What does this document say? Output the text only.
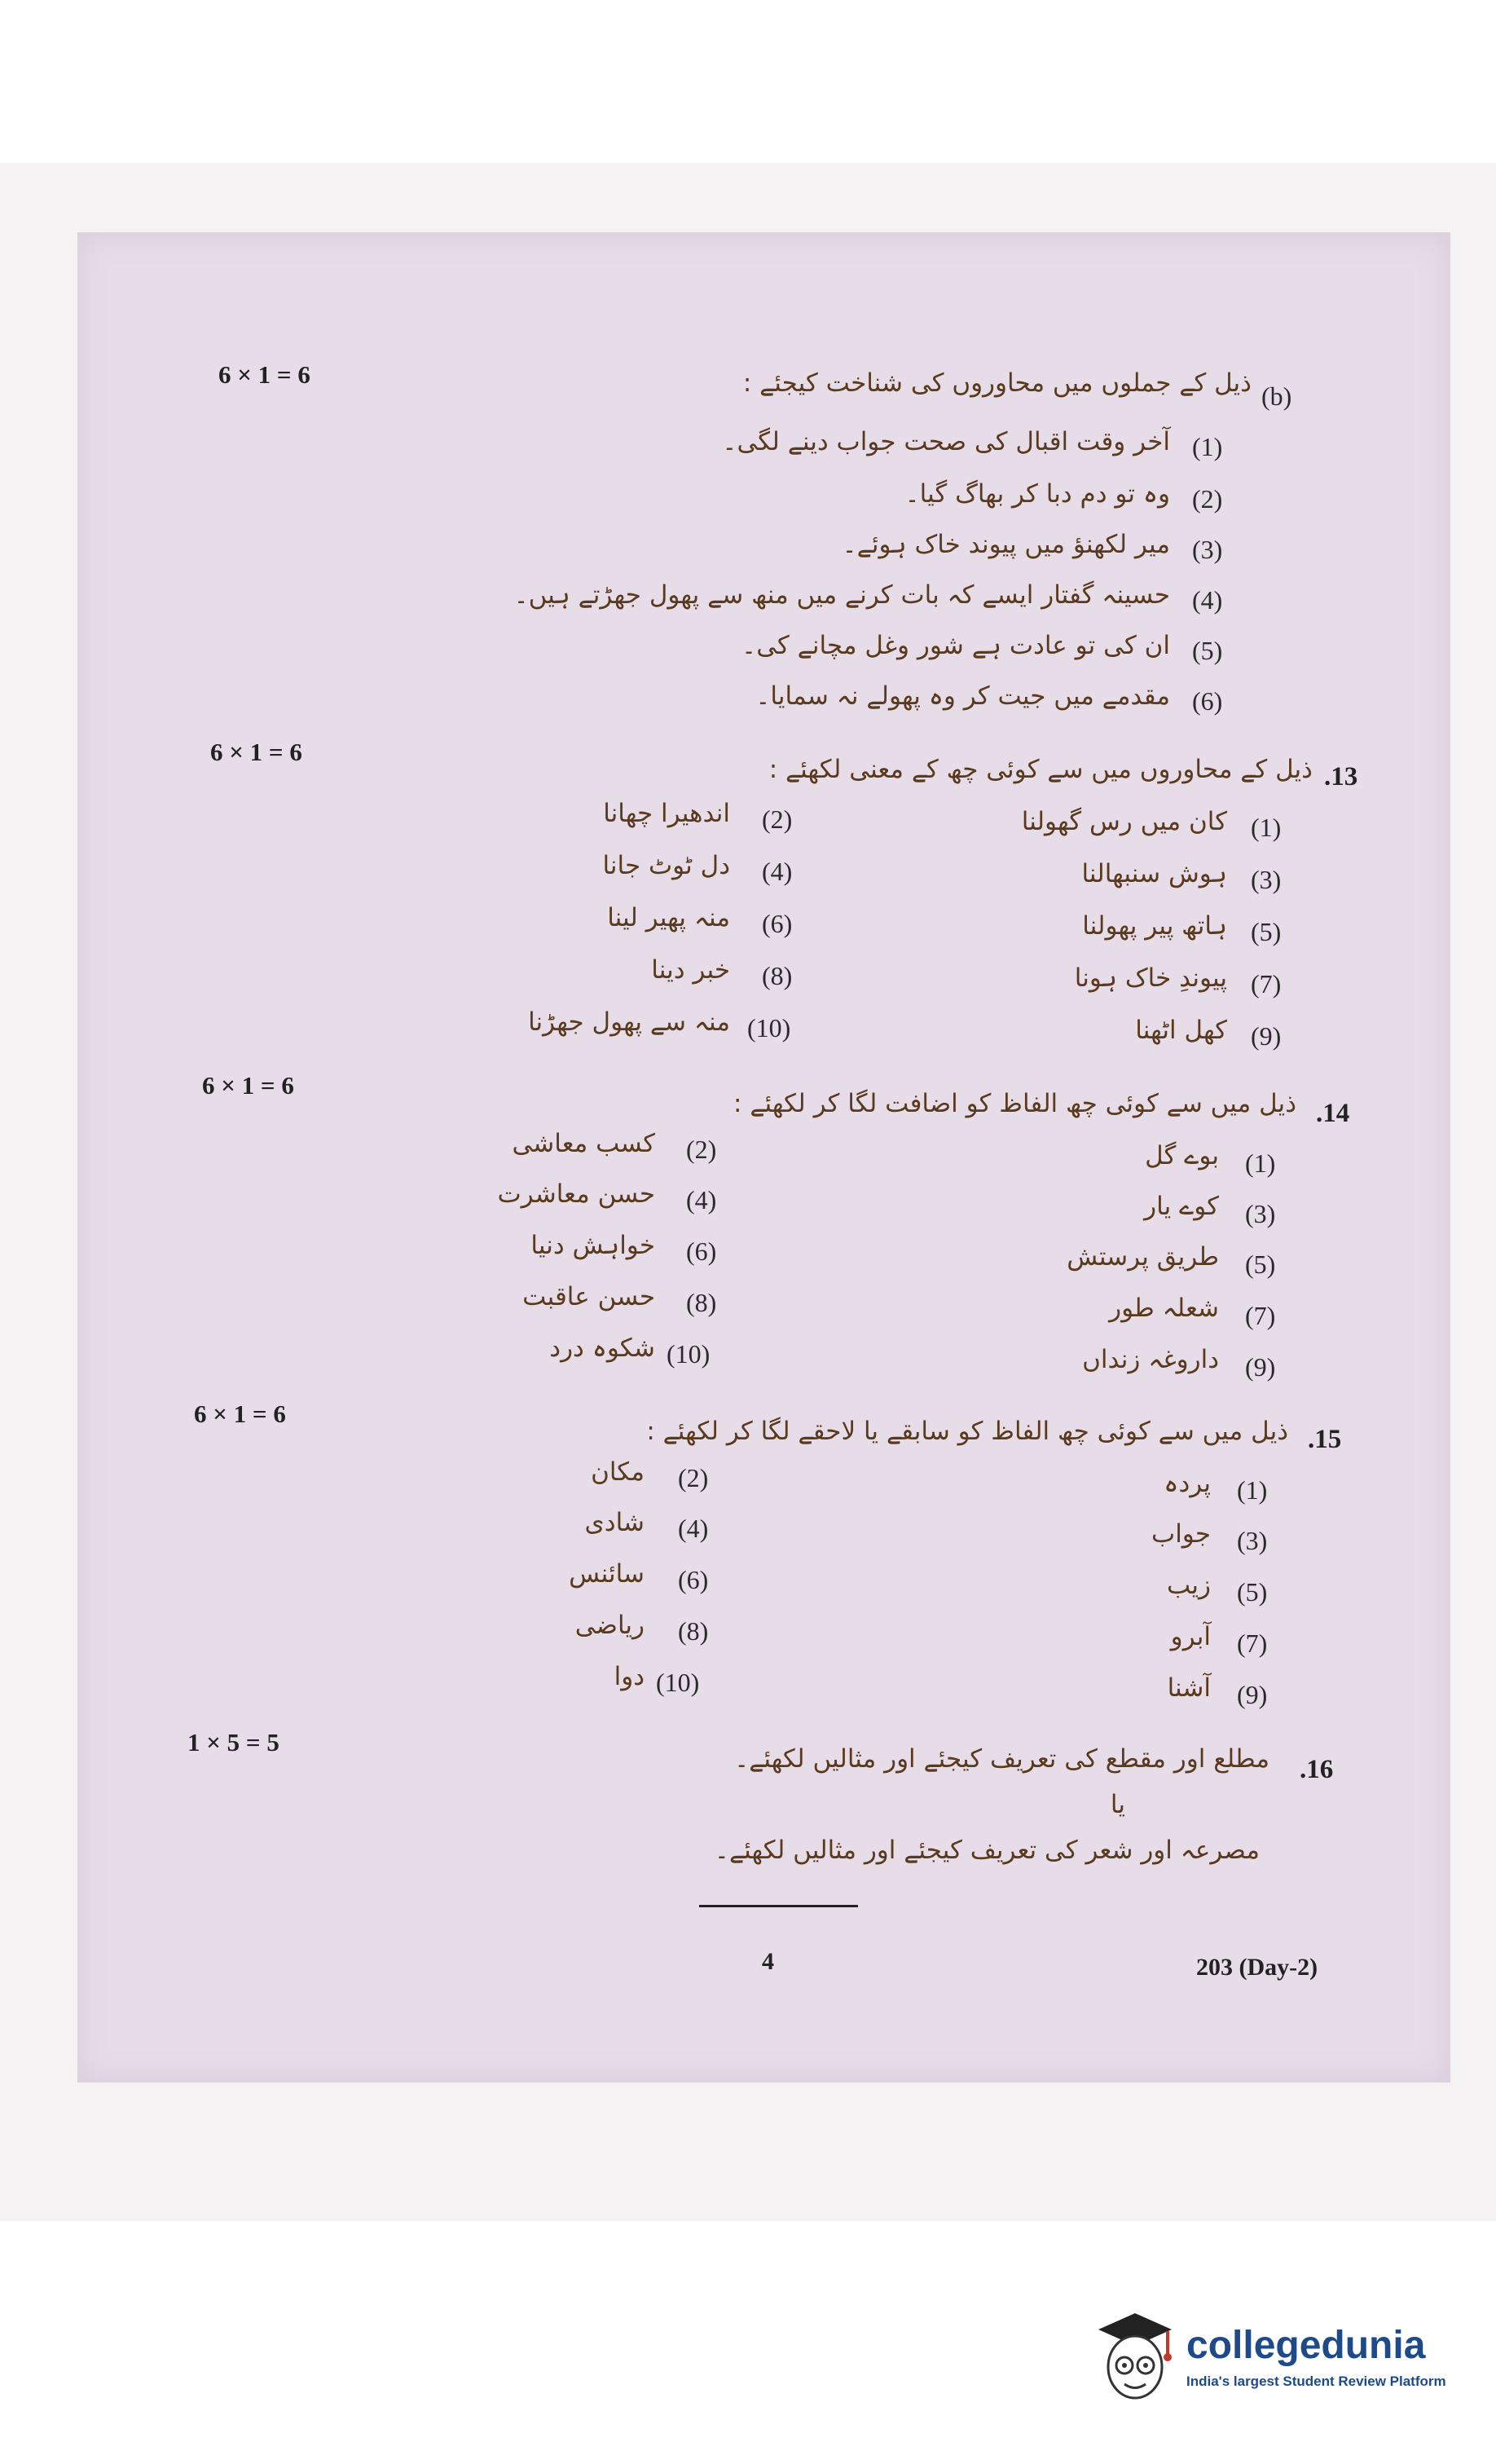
6 × 1 = 6
(b)
ذیل کے جملوں میں محاوروں کی شناخت کیجئے :
(1)
آخر وقت اقبال کی صحت جواب دینے لگی۔
(2)
وہ تو دم دبا کر بھاگ گیا۔
(3)
میر لکھنؤ میں پیوند خاک ہوئے۔
(4)
حسینہ گفتار ایسے کہ بات کرنے میں منھ سے پھول جھڑتے ہیں۔
(5)
ان کی تو عادت ہے شور وغل مچانے کی۔
(6)
مقدمے میں جیت کر وہ پھولے نہ سمایا۔
6 × 1 = 6
.13
ذیل کے محاوروں میں سے کوئی چھ کے معنی لکھئے :
(1)
کان میں رس گھولنا
(3)
ہوش سنبھالنا
(5)
ہاتھ پیر پھولنا
(7)
پیوندِ خاک ہونا
(9)
کھل اٹھنا
(2)
اندھیرا چھانا
(4)
دل ٹوٹ جانا
(6)
منہ پھیر لینا
(8)
خبر دینا
(10)
منہ سے پھول جھڑنا
6 × 1 = 6
.14
ذیل میں سے کوئی چھ الفاظ کو اضافت لگا کر لکھئے :
(1)
بوے گل
(3)
کوے یار
(5)
طریق پرستش
(7)
شعلہ طور
(9)
داروغہ زنداں
(2)
کسب معاشی
(4)
حسن معاشرت
(6)
خواہش دنیا
(8)
حسن عاقبت
(10)
شکوہ درد
6 × 1 = 6
.15
ذیل میں سے کوئی چھ الفاظ کو سابقے یا لاحقے لگا کر لکھئے :
(1)
پردہ
(3)
جواب
(5)
زیب
(7)
آبرو
(9)
آشنا
(2)
مکان
(4)
شادی
(6)
سائنس
(8)
ریاضی
(10)
دوا
1 × 5 = 5
.16
مطلع اور مقطع کی تعریف کیجئے اور مثالیں لکھئے۔
یا
مصرعہ اور شعر کی تعریف کیجئے اور مثالیں لکھئے۔
4	203 (Day-2)
collegedunia
India's largest Student Review Platform
